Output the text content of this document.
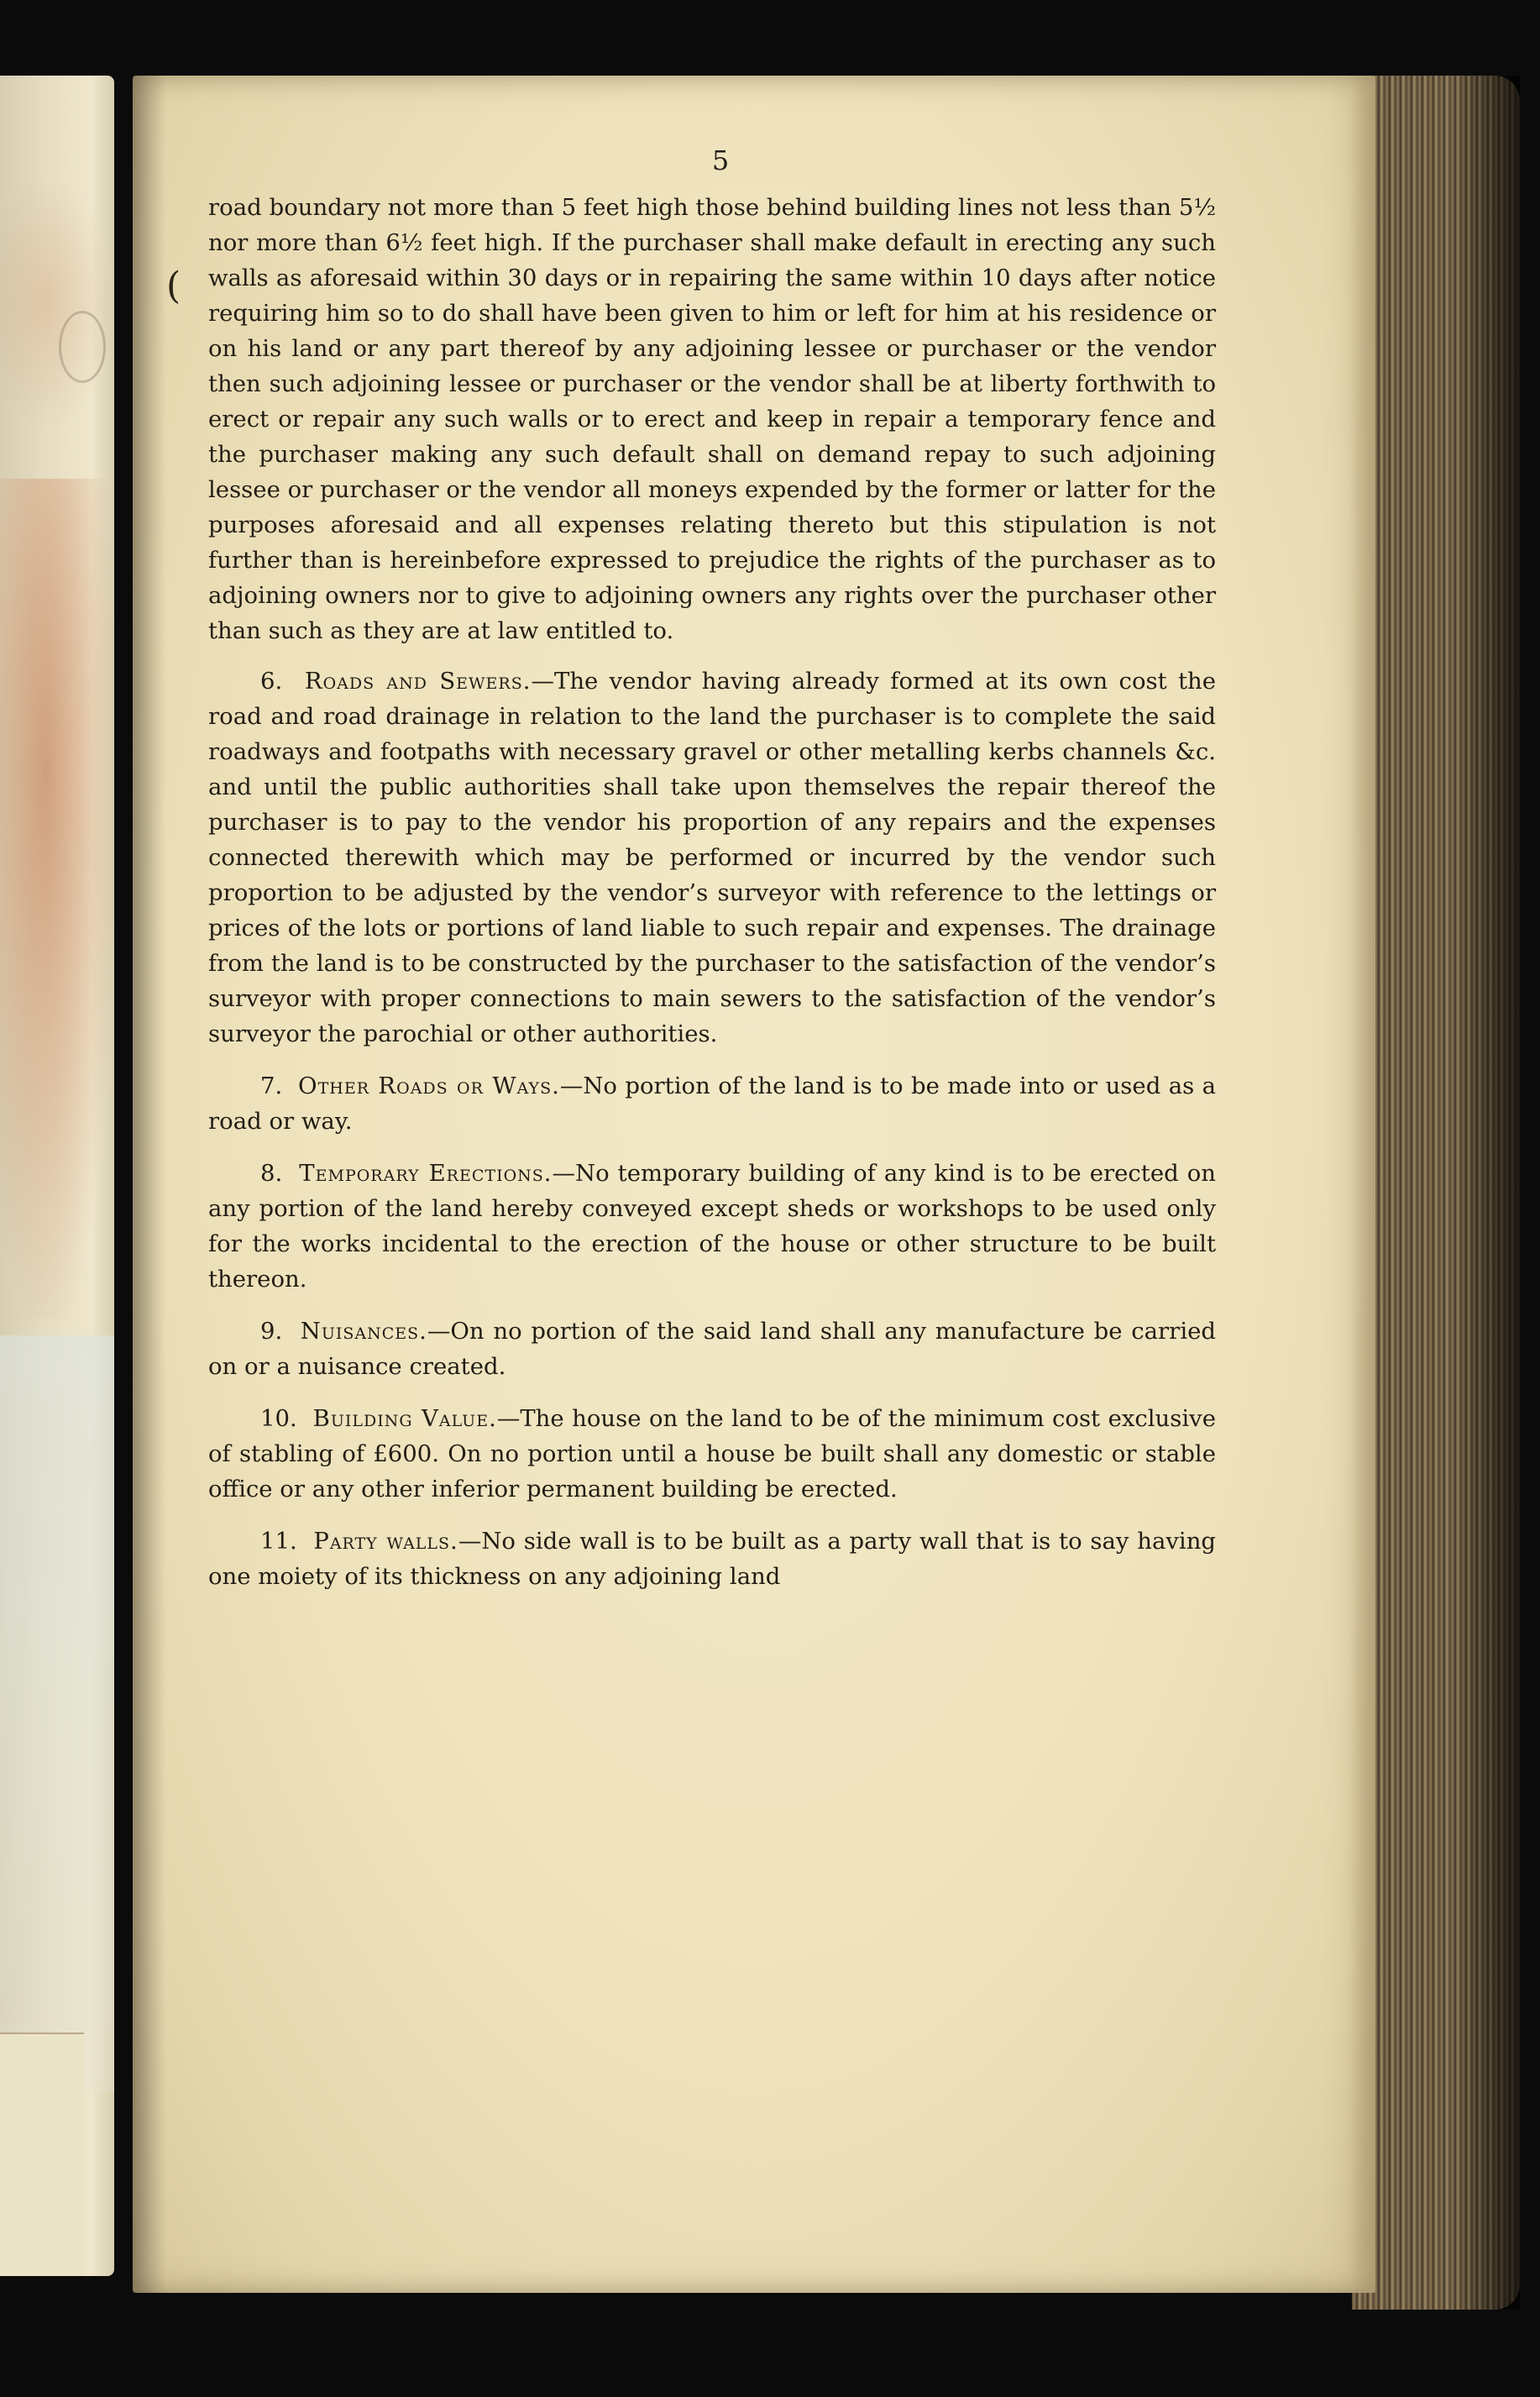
(
5

road boundary not more than 5 feet high those behind building lines not less than 5½ nor more than 6½ feet high. If the purchaser shall make default in erecting any such walls as aforesaid within 30 days or in repairing the same within 10 days after notice requiring him so to do shall have been given to him or left for him at his residence or on his land or any part thereof by any adjoining lessee or purchaser or the vendor then such adjoining lessee or purchaser or the vendor shall be at liberty forthwith to erect or repair any such walls or to erect and keep in repair a temporary fence and the purchaser making any such default shall on demand repay to such adjoining lessee or purchaser or the vendor all moneys expended by the former or latter for the purposes aforesaid and all expenses relating thereto but this stipulation is not further than is hereinbefore expressed to prejudice the rights of the purchaser as to adjoining owners nor to give to adjoining owners any rights over the purchaser other than such as they are at law entitled to.

6. Roads and Sewers.—The vendor having already formed at its own cost the road and road drainage in relation to the land the purchaser is to complete the said roadways and footpaths with necessary gravel or other metalling kerbs channels &c. and until the public authorities shall take upon themselves the repair thereof the purchaser is to pay to the vendor his proportion of any repairs and the expenses connected therewith which may be performed or incurred by the vendor such proportion to be adjusted by the vendor’s surveyor with reference to the lettings or prices of the lots or portions of land liable to such repair and expenses. The drainage from the land is to be constructed by the purchaser to the satisfaction of the vendor’s surveyor with proper connections to main sewers to the satisfaction of the vendor’s surveyor the parochial or other authorities.

7. Other Roads or Ways.—No portion of the land is to be made into or used as a road or way.

8. Temporary Erections.—No temporary building of any kind is to be erected on any portion of the land hereby conveyed except sheds or workshops to be used only for the works incidental to the erection of the house or other structure to be built thereon.

9. Nuisances.—On no portion of the said land shall any manufacture be carried on or a nuisance created.

10. Building Value.—The house on the land to be of the minimum cost exclusive of stabling of £600. On no portion until a house be built shall any domestic or stable office or any other inferior permanent building be erected.

11. Party walls.—No side wall is to be built as a party wall that is to say having one moiety of its thickness on any adjoining land
